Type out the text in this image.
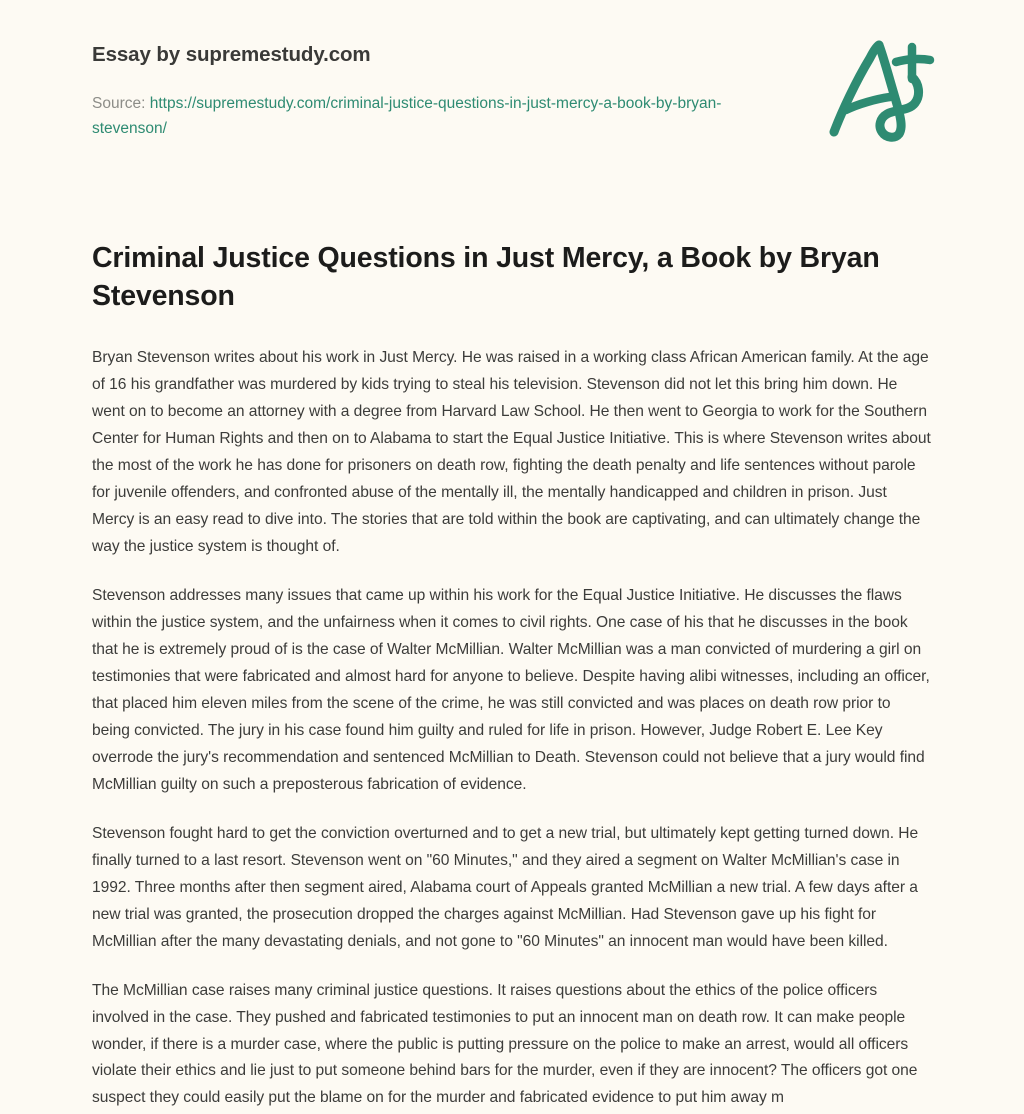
Essay by supremestudy.com
Source: https://supremestudy.com/criminal-justice-questions-in-just-mercy-a-book-by-bryan-stevenson/
Criminal Justice Questions in Just Mercy, a Book by Bryan Stevenson

Bryan Stevenson writes about his work in Just Mercy. He was raised in a working class African American family. At the age of 16 his grandfather was murdered by kids trying to steal his television. Stevenson did not let this bring him down. He went on to become an attorney with a degree from Harvard Law School. He then went to Georgia to work for the Southern Center for Human Rights and then on to Alabama to start the Equal Justice Initiative. This is where Stevenson writes about the most of the work he has done for prisoners on death row, fighting the death penalty and life sentences without parole for juvenile offenders, and confronted abuse of the mentally ill, the mentally handicapped and children in prison. Just Mercy is an easy read to dive into. The stories that are told within the book are captivating, and can ultimately change the way the justice system is thought of.

Stevenson addresses many issues that came up within his work for the Equal Justice Initiative. He discusses the flaws within the justice system, and the unfairness when it comes to civil rights. One case of his that he discusses in the book that he is extremely proud of is the case of Walter McMillian. Walter McMillian was a man convicted of murdering a girl on testimonies that were fabricated and almost hard for anyone to believe. Despite having alibi witnesses, including an officer, that placed him eleven miles from the scene of the crime, he was still convicted and was places on death row prior to being convicted. The jury in his case found him guilty and ruled for life in prison. However, Judge Robert E. Lee Key overrode the jury's recommendation and sentenced McMillian to Death. Stevenson could not believe that a jury would find McMillian guilty on such a preposterous fabrication of evidence.

Stevenson fought hard to get the conviction overturned and to get a new trial, but ultimately kept getting turned down. He finally turned to a last resort. Stevenson went on "60 Minutes," and they aired a segment on Walter McMillian's case in 1992. Three months after then segment aired, Alabama court of Appeals granted McMillian a new trial. A few days after a new trial was granted, the prosecution dropped the charges against McMillian. Had Stevenson gave up his fight for McMillian after the many devastating denials, and not gone to "60 Minutes" an innocent man would have been killed.

The McMillian case raises many criminal justice questions. It raises questions about the ethics of the police officers involved in the case. They pushed and fabricated testimonies to put an innocent man on death row. It can make people wonder, if there is a murder case, where the public is putting pressure on the police to make an arrest, would all officers violate their ethics and lie just to put someone behind bars for the murder, even if they are innocent? The officers got one suspect they could easily put the blame on for the murder and fabricated evidence to put him away m
